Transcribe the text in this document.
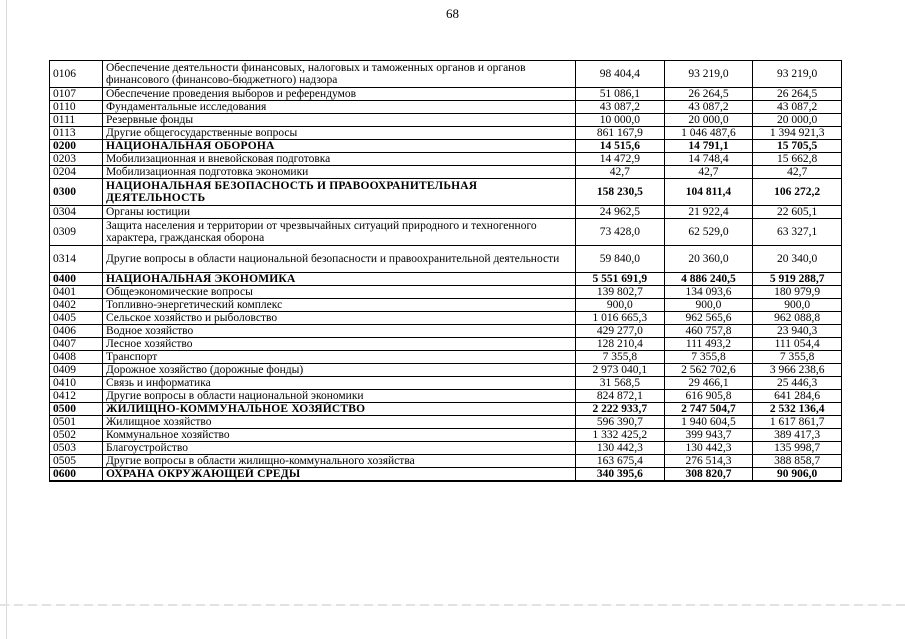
68
0106	Обеспечение деятельности финансовых, налоговых и таможенных органов и органов финансового (финансово-бюджетного) надзора	98 404,4	93 219,0	93 219,0
0107	Обеспечение проведения выборов и референдумов	51 086,1	26 264,5	26 264,5
0110	Фундаментальные исследования	43 087,2	43 087,2	43 087,2
0111	Резервные фонды	10 000,0	20 000,0	20 000,0
0113	Другие общегосударственные вопросы	861 167,9	1 046 487,6	1 394 921,3
0200	НАЦИОНАЛЬНАЯ ОБОРОНА	14 515,6	14 791,1	15 705,5
0203	Мобилизационная и вневойсковая подготовка	14 472,9	14 748,4	15 662,8
0204	Мобилизационная подготовка экономики	42,7	42,7	42,7
0300	НАЦИОНАЛЬНАЯ БЕЗОПАСНОСТЬ И ПРАВООХРАНИТЕЛЬНАЯ ДЕЯТЕЛЬНОСТЬ	158 230,5	104 811,4	106 272,2
0304	Органы юстиции	24 962,5	21 922,4	22 605,1
0309	Защита населения и территории от чрезвычайных ситуаций природного и техногенного характера, гражданская оборона	73 428,0	62 529,0	63 327,1
0314	Другие вопросы в области национальной безопасности и правоохранительной деятельности	59 840,0	20 360,0	20 340,0
0400	НАЦИОНАЛЬНАЯ ЭКОНОМИКА	5 551 691,9	4 886 240,5	5 919 288,7
0401	Общеэкономические вопросы	139 802,7	134 093,6	180 979,9
0402	Топливно-энергетический комплекс	900,0	900,0	900,0
0405	Сельское хозяйство и рыболовство	1 016 665,3	962 565,6	962 088,8
0406	Водное хозяйство	429 277,0	460 757,8	23 940,3
0407	Лесное хозяйство	128 210,4	111 493,2	111 054,4
0408	Транспорт	7 355,8	7 355,8	7 355,8
0409	Дорожное хозяйство (дорожные фонды)	2 973 040,1	2 562 702,6	3 966 238,6
0410	Связь и информатика	31 568,5	29 466,1	25 446,3
0412	Другие вопросы в области национальной экономики	824 872,1	616 905,8	641 284,6
0500	ЖИЛИЩНО-КОММУНАЛЬНОЕ ХОЗЯЙСТВО	2 222 933,7	2 747 504,7	2 532 136,4
0501	Жилищное хозяйство	596 390,7	1 940 604,5	1 617 861,7
0502	Коммунальное хозяйство	1 332 425,2	399 943,7	389 417,3
0503	Благоустройство	130 442,3	130 442,3	135 998,7
0505	Другие вопросы в области жилищно-коммунального хозяйства	163 675,4	276 514,3	388 858,7
0600	ОХРАНА ОКРУЖАЮЩЕЙ СРЕДЫ	340 395,6	308 820,7	90 906,0
